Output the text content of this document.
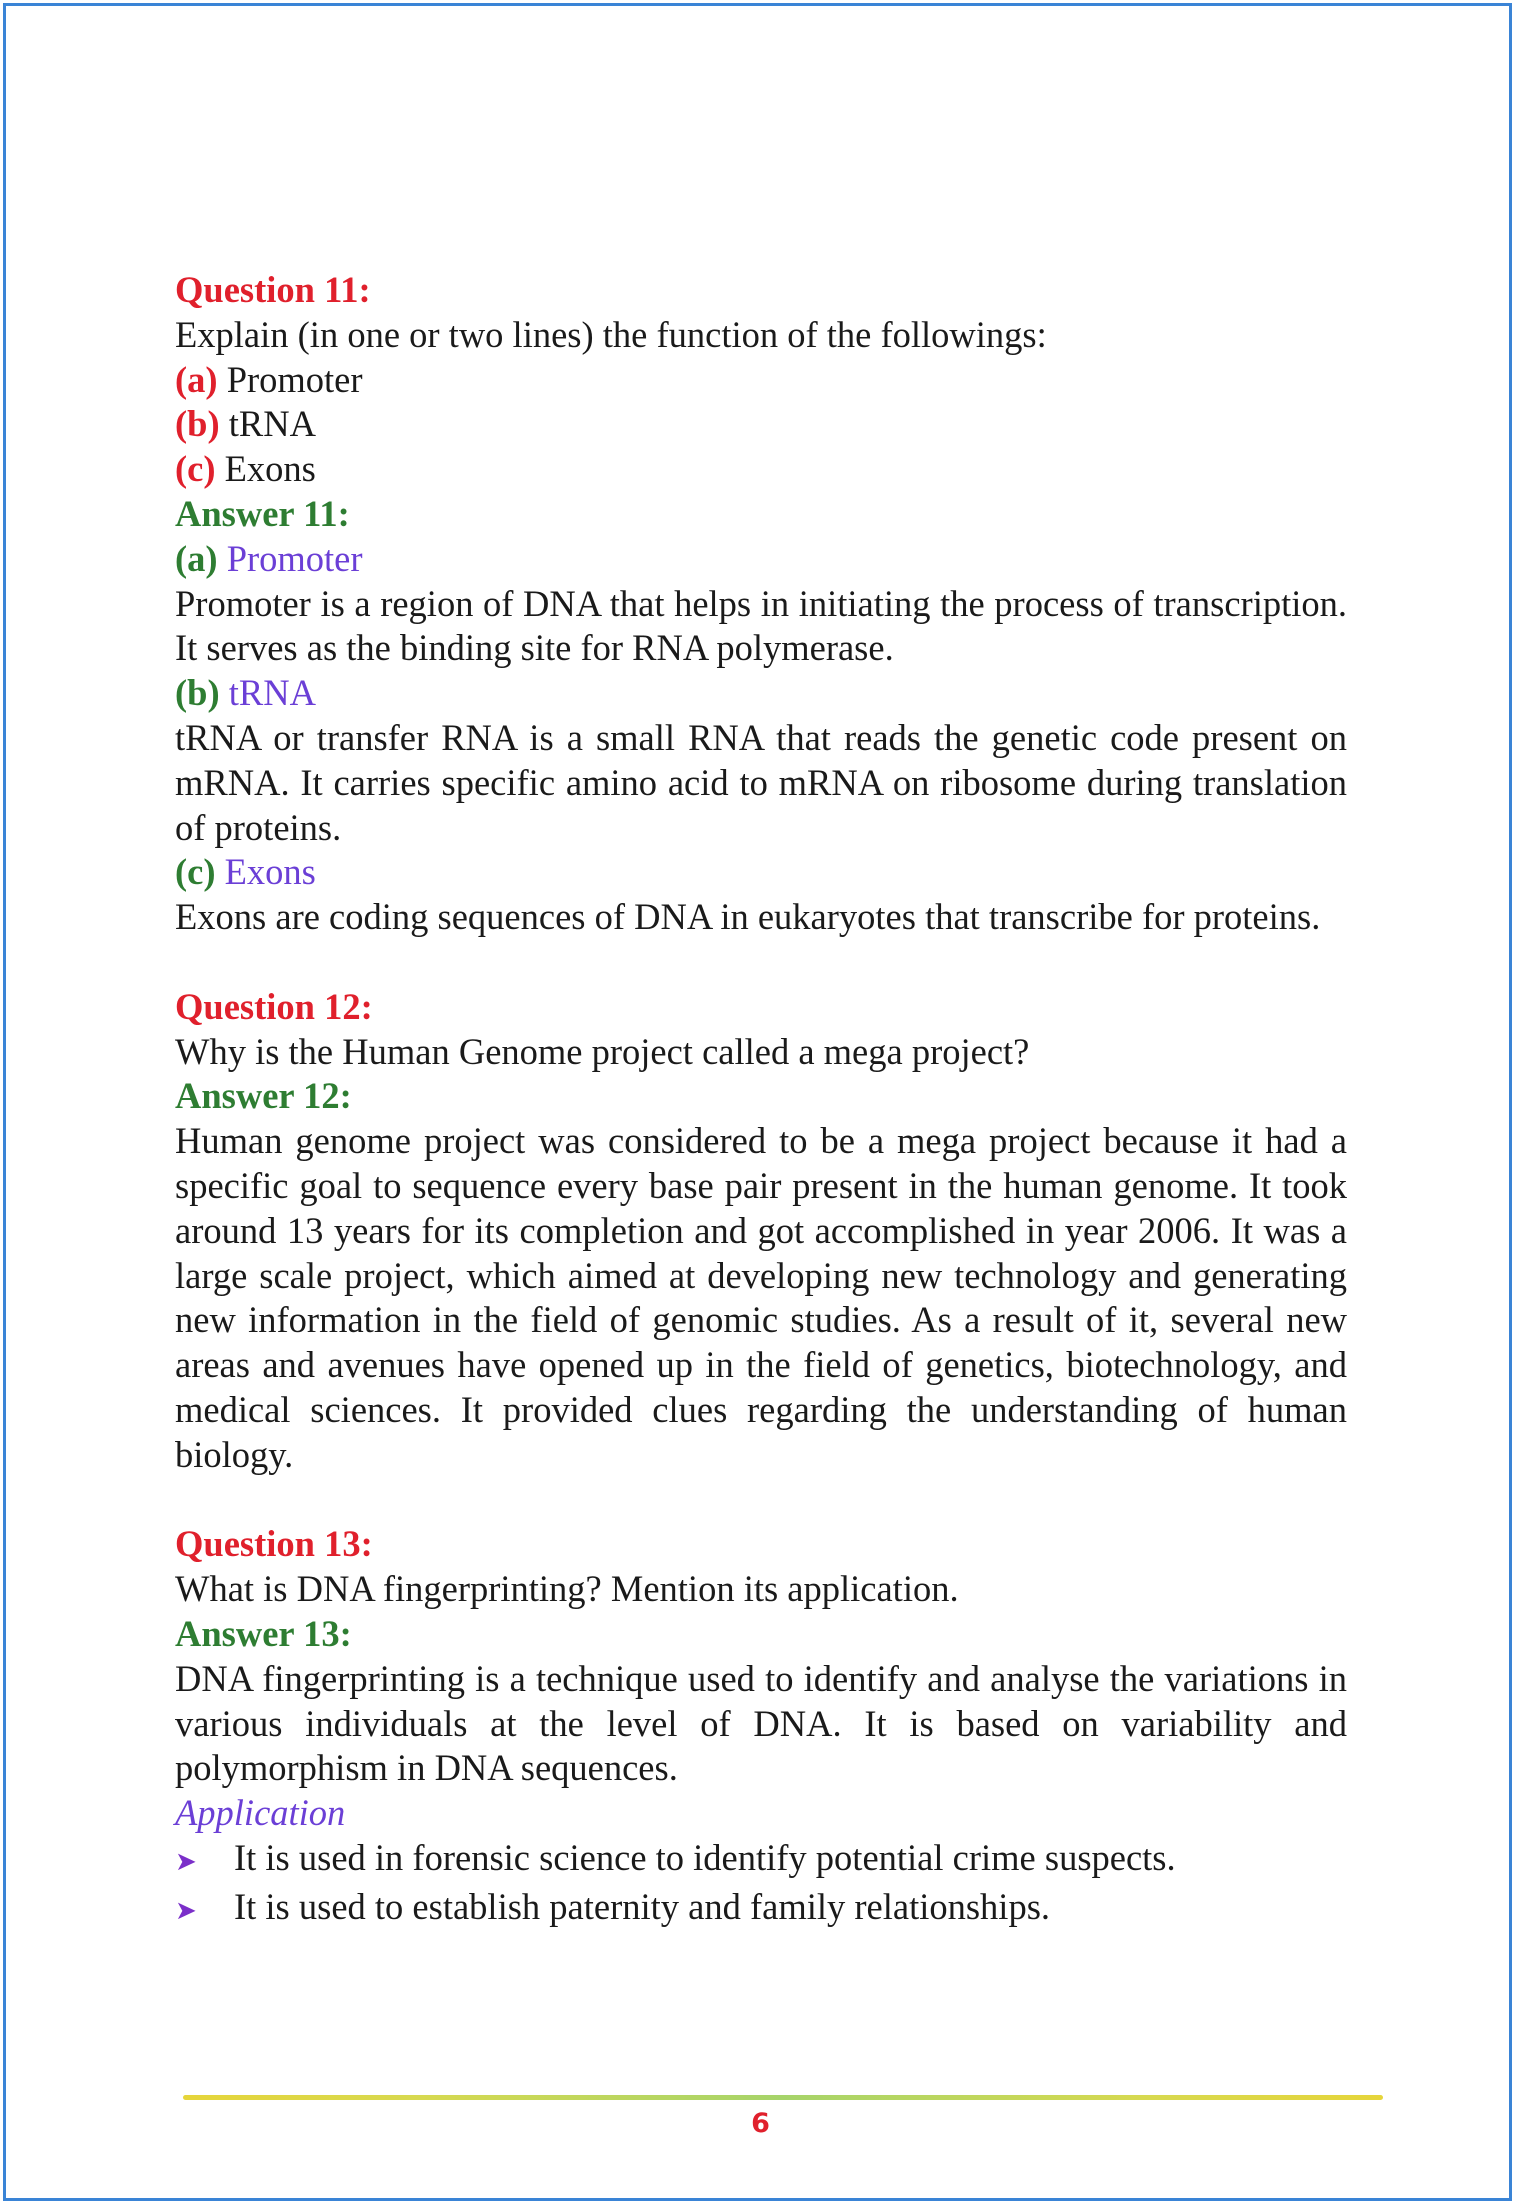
Question 11:
Explain (in one or two lines) the function of the followings:
(a) Promoter
(b) tRNA
(c) Exons
Answer 11:
(a) Promoter

Promoter is a region of DNA that helps in initiating the process of transcription. It serves as the binding site for RNA polymerase.

(b) tRNA

tRNA or transfer RNA is a small RNA that reads the genetic code present on mRNA. It carries specific amino acid to mRNA on ribosome during translation of proteins.

(c) Exons

Exons are coding sequences of DNA in eukaryotes that transcribe for proteins.

Question 12:
Why is the Human Genome project called a mega project?
Answer 12:

Human genome project was considered to be a mega project because it had a specific goal to sequence every base pair present in the human genome. It took around 13 years for its completion and got accomplished in year 2006. It was a large scale project, which aimed at developing new technology and generating new information in the field of genomic studies. As a result of it, several new areas and avenues have opened up in the field of genetics, biotechnology, and medical sciences. It provided clues regarding the understanding of human biology.

Question 13:
What is DNA fingerprinting? Mention its application.
Answer 13:

DNA fingerprinting is a technique used to identify and analyse the variations in various individuals at the level of DNA. It is based on variability and polymorphism in DNA sequences.

Application
➤	It is used in forensic science to identify potential crime suspects.
➤	It is used to establish paternity and family relationships.
6
